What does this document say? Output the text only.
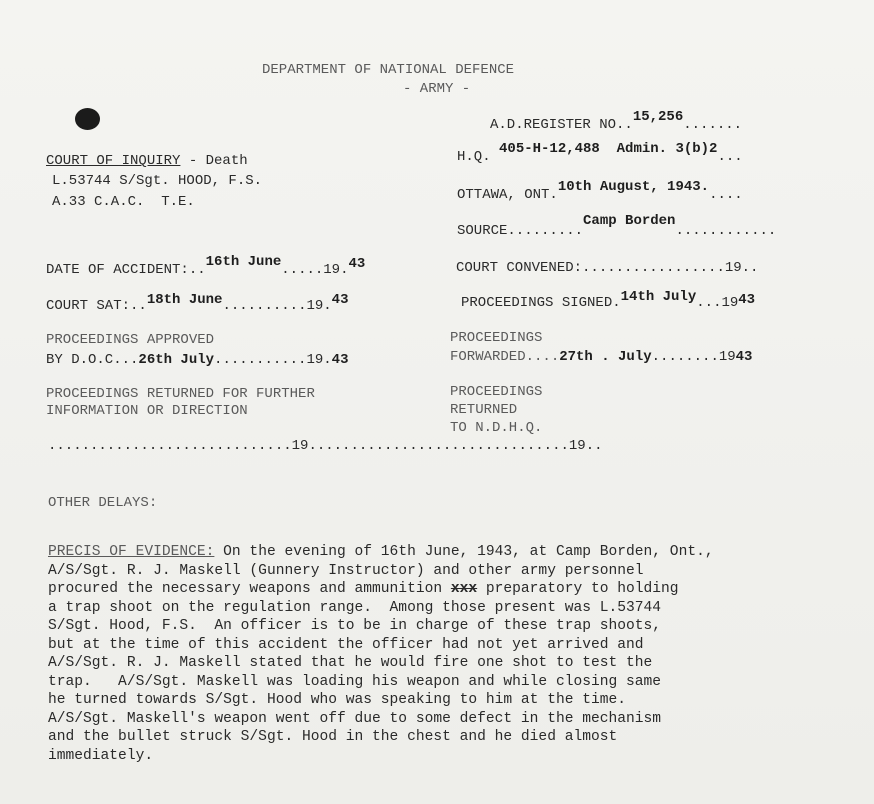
DEPARTMENT OF NATIONAL DEFENCE
- ARMY -
A.D.REGISTER NO..15,256.......
COURT OF INQUIRY - Death
L.53744 S/Sgt. HOOD, F.S.
A.33 C.A.C.  T.E.
H.Q. 405-H-12,488  Admin. 3(b)2...
OTTAWA, ONT.10th August, 1943.....
SOURCE.........Camp Borden............
DATE OF ACCIDENT:..16th June.....19.43	COURT CONVENED:.................19..
COURT SAT:..18th June..........19.43	PROCEEDINGS SIGNED.14th July...1943
PROCEEDINGS APPROVED
BY D.O.C...26th July...........19.43
PROCEEDINGS
FORWARDED....27th . July........1943
PROCEEDINGS RETURNED FOR FURTHER
INFORMATION OR DIRECTION
PROCEEDINGS
RETURNED
TO N.D.H.Q.
.............................19...............................19..
OTHER DELAYS:
PRECIS OF EVIDENCE: On the evening of 16th June, 1943, at Camp Borden, Ont.,
A/S/Sgt. R. J. Maskell (Gunnery Instructor) and other army personnel
procured the necessary weapons and ammunition xxx preparatory to holding
a trap shoot on the regulation range.  Among those present was L.53744
S/Sgt. Hood, F.S.  An officer is to be in charge of these trap shoots,
but at the time of this accident the officer had not yet arrived and
A/S/Sgt. R. J. Maskell stated that he would fire one shot to test the
trap.   A/S/Sgt. Maskell was loading his weapon and while closing same
he turned towards S/Sgt. Hood who was speaking to him at the time.
A/S/Sgt. Maskell's weapon went off due to some defect in the mechanism
and the bullet struck S/Sgt. Hood in the chest and he died almost
immediately.
